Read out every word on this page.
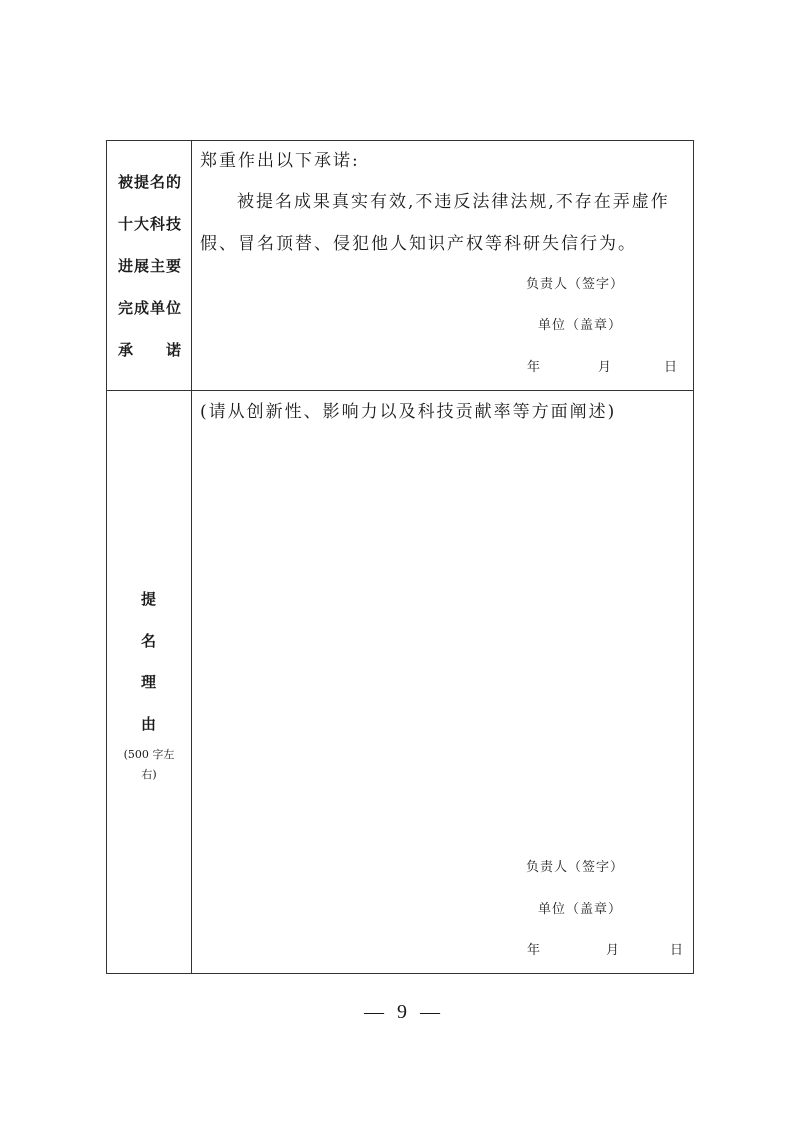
被提名的
十大科技
进展主要
完成单位
承 诺
郑重作出以下承诺:
被提名成果真实有效,不违反法律法规,不存在弄虚作
假、冒名顶替、侵犯他人知识产权等科研失信行为。
负责人（签字）
单位（盖章）
年	月	日
提
名
理
由
(500 字左右)
(请从创新性、影响力以及科技贡献率等方面阐述)
负责人（签字）
单位（盖章）
年	月	日
— 9 —
